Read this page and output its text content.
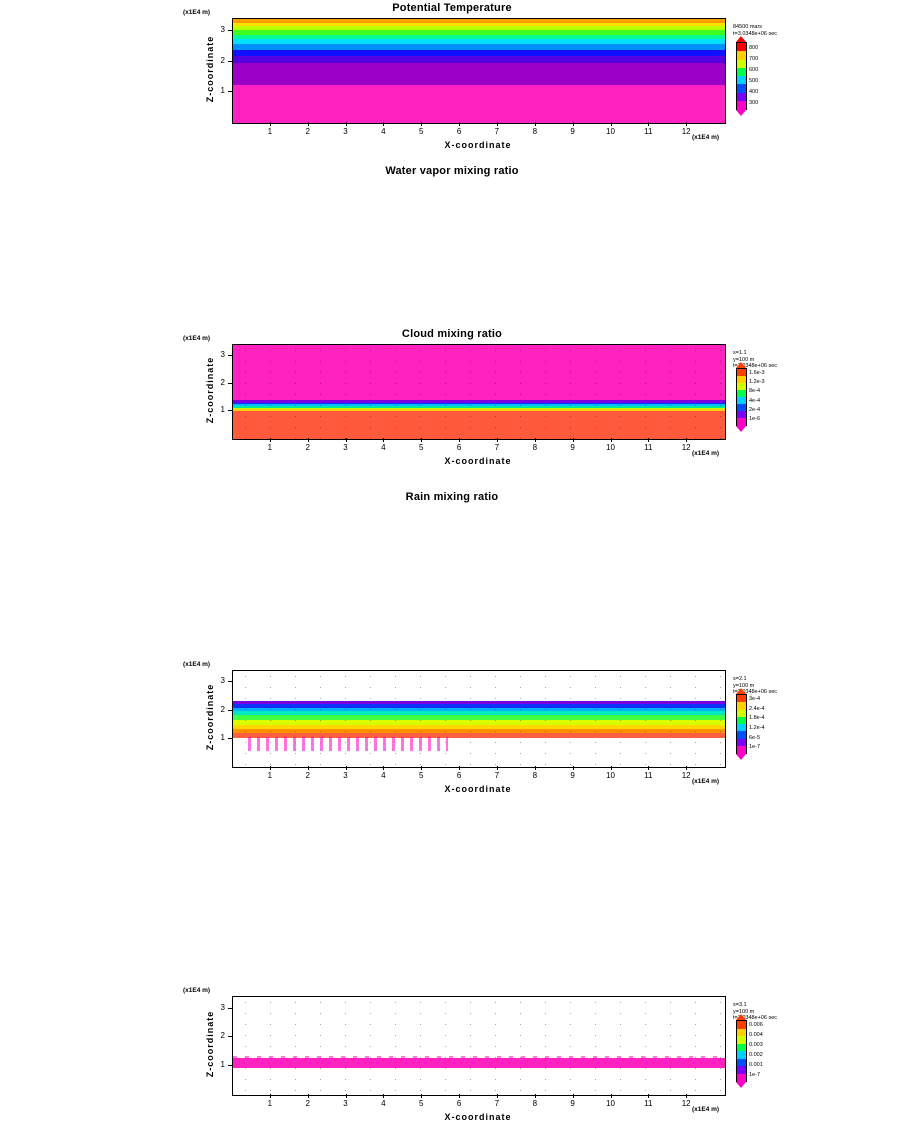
Potential Temperature
(x1E4 m)
1	2	3	4	5	6	7	8	9	10	11	12
1
2
3
Z-coordinate
X-coordinate
(x1E4 m)
84500 mars
t=3.0348e+06 sec
800
700
600
500
400
300
Water vapor mixing ratio
(x1E4 m)
1	2	3	4	5	6	7	8	9	10	11	12
1
2
3
Z-coordinate
X-coordinate
(x1E4 m)
s=1.1
y=100 m
t=3.0348e+06 sec
1.6e-3
1.2e-3
8e-4
4e-4
2e-4
1e-6
Cloud mixing ratio
(x1E4 m)
1	2	3	4	5	6	7	8	9	10	11	12
1
2
3
Z-coordinate
X-coordinate
(x1E4 m)
s=2.1
y=100 m
t=3.0348e+06 sec
3e-4
2.4e-4
1.8e-4
1.2e-4
6e-5
1e-7
Rain mixing ratio
(x1E4 m)
1	2	3	4	5	6	7	8	9	10	11	12
1
2
3
Z-coordinate
X-coordinate
(x1E4 m)
s=3.1
y=100 m
t=3.0348e+06 sec
0.006
0.004
0.003
0.002
0.001
1e-7
